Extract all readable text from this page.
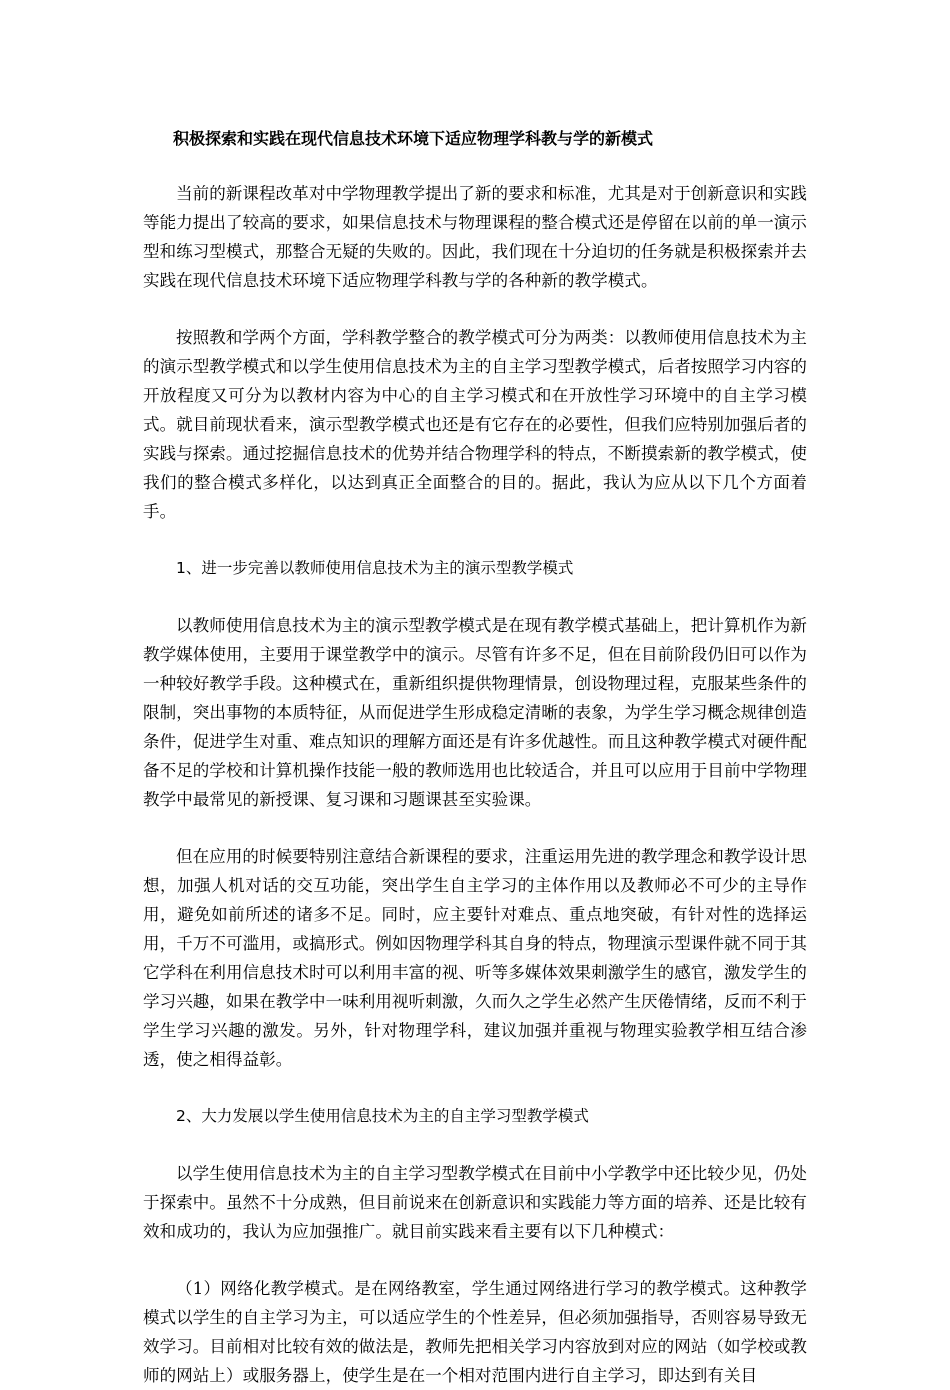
积极探索和实践在现代信息技术环境下适应物理学科教与学的新模式

当前的新课程改革对中学物理教学提出了新的要求和标准，尤其是对于创新意识和实践等能力提出了较高的要求，如果信息技术与物理课程的整合模式还是停留在以前的单一演示型和练习型模式，那整合无疑的失败的。因此，我们现在十分迫切的任务就是积极探索并去实践在现代信息技术环境下适应物理学科教与学的各种新的教学模式。

按照教和学两个方面，学科教学整合的教学模式可分为两类：以教师使用信息技术为主的演示型教学模式和以学生使用信息技术为主的自主学习型教学模式，后者按照学习内容的开放程度又可分为以教材内容为中心的自主学习模式和在开放性学习环境中的自主学习模式。就目前现状看来，演示型教学模式也还是有它存在的必要性，但我们应特别加强后者的实践与探索。通过挖掘信息技术的优势并结合物理学科的特点，不断摸索新的教学模式，使我们的整合模式多样化，以达到真正全面整合的目的。据此，我认为应从以下几个方面着手。

1、进一步完善以教师使用信息技术为主的演示型教学模式

以教师使用信息技术为主的演示型教学模式是在现有教学模式基础上，把计算机作为新教学媒体使用，主要用于课堂教学中的演示。尽管有许多不足，但在目前阶段仍旧可以作为一种较好教学手段。这种模式在，重新组织提供物理情景，创设物理过程，克服某些条件的限制，突出事物的本质特征，从而促进学生形成稳定清晰的表象，为学生学习概念规律创造条件，促进学生对重、难点知识的理解方面还是有许多优越性。而且这种教学模式对硬件配备不足的学校和计算机操作技能一般的教师选用也比较适合，并且可以应用于目前中学物理教学中最常见的新授课、复习课和习题课甚至实验课。

但在应用的时候要特别注意结合新课程的要求，注重运用先进的教学理念和教学设计思想，加强人机对话的交互功能，突出学生自主学习的主体作用以及教师必不可少的主导作用，避免如前所述的诸多不足。同时，应主要针对难点、重点地突破，有针对性的选择运用，千万不可滥用，或搞形式。例如因物理学科其自身的特点，物理演示型课件就不同于其它学科在利用信息技术时可以利用丰富的视、听等多媒体效果刺激学生的感官，激发学生的学习兴趣，如果在教学中一味利用视听刺激，久而久之学生必然产生厌倦情绪，反而不利于学生学习兴趣的激发。另外，针对物理学科，建议加强并重视与物理实验教学相互结合渗透，使之相得益彰。

2、大力发展以学生使用信息技术为主的自主学习型教学模式

以学生使用信息技术为主的自主学习型教学模式在目前中小学教学中还比较少见，仍处于探索中。虽然不十分成熟，但目前说来在创新意识和实践能力等方面的培养、还是比较有效和成功的，我认为应加强推广。就目前实践来看主要有以下几种模式：

（1）网络化教学模式。是在网络教室，学生通过网络进行学习的教学模式。这种教学模式以学生的自主学习为主，可以适应学生的个性差异，但必须加强指导，否则容易导致无效学习。目前相对比较有效的做法是，教师先把相关学习内容放到对应的网站（如学校或教师的网站上）或服务器上，使学生是在一个相对范围内进行自主学习，即达到有关目
